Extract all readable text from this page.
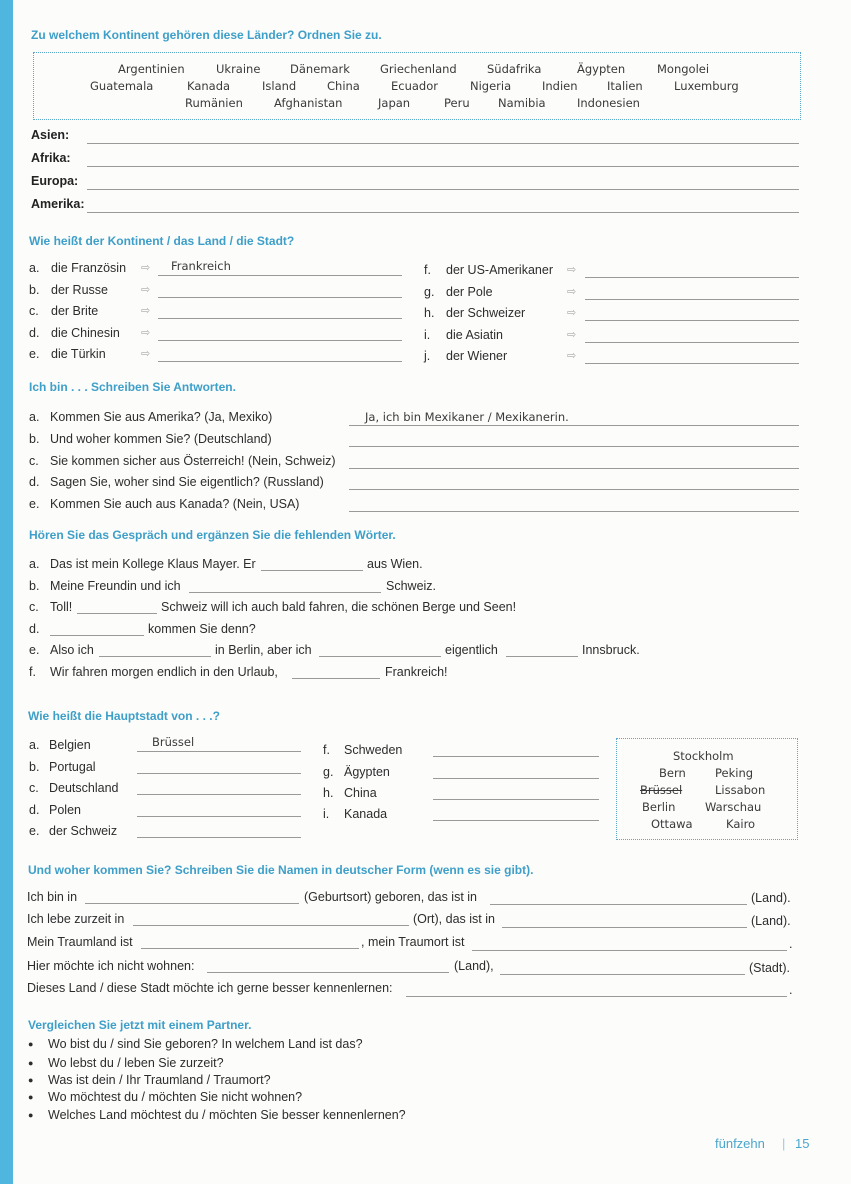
Zu welchem Kontinent gehören diese Länder? Ordnen Sie zu.
Argentinien	Ukraine	Dänemark	Griechenland	Südafrika	Ägypten	Mongolei
Guatemala	Kanada	Island	China	Ecuador	Nigeria	Indien	Italien	Luxemburg
Rumänien	Afghanistan	Japan	Peru Namibia	Indonesien
Asien:
Afrika:
Europa:
Amerika:
Wie heißt der Kontinent / das Land / die Stadt?
a. die Französin ⇨ Frankreich
b. der Russe	⇨
c. der Brite	⇨
d. die Chinesin ⇨
e. die Türkin	⇨
f. der US-Amerikaner ⇨
g. der Pole	⇨
h. der Schweizer	⇨
i. die Asiatin	⇨
j. der Wiener	⇨
Ich bin . . . Schreiben Sie Antworten.
a. Kommen Sie aus Amerika? (Ja, Mexiko)	Ja, ich bin Mexikaner / Mexikanerin.
b. Und woher kommen Sie? (Deutschland)
c. Sie kommen sicher aus Österreich! (Nein, Schweiz)
d. Sagen Sie, woher sind Sie eigentlich? (Russland)
e. Kommen Sie auch aus Kanada? (Nein, USA)
Hören Sie das Gespräch und ergänzen Sie die fehlenden Wörter.
a. Das ist mein Kollege Klaus Mayer. Er	aus Wien.
b. Meine Freundin und ich	Schweiz.
c. Toll!	Schweiz will ich auch bald fahren, die schönen Berge und Seen!
d.	kommen Sie denn?
e. Also ich	in Berlin, aber ich	eigentlich	Innsbruck.
f. Wir fahren morgen endlich in den Urlaub,	Frankreich!
Wie heißt die Hauptstadt von . . .?
a. Belgien	Brüssel
b. Portugal
c. Deutschland
d. Polen
e. der Schweiz
f. Schweden
g. Ägypten
h. China
i. Kanada
Stockholm
Bern	Peking
Brüssel	Lissabon
Berlin	Warschau
Ottawa	Kairo
Und woher kommen Sie? Schreiben Sie die Namen in deutscher Form (wenn es sie gibt).
Ich bin in	(Geburtsort) geboren, das ist in	(Land).
Ich lebe zurzeit in	(Ort), das ist in	(Land).
Mein Traumland ist	, mein Traumort ist	.
Hier möchte ich nicht wohnen:	(Land),	(Stadt).
Dieses Land / diese Stadt möchte ich gerne besser kennenlernen:	.
Vergleichen Sie jetzt mit einem Partner.
● Wo bist du / sind Sie geboren? In welchem Land ist das?
● Wo lebst du / leben Sie zurzeit?
● Was ist dein / Ihr Traumland / Traumort?
● Wo möchtest du / möchten Sie nicht wohnen?
● Welches Land möchtest du / möchten Sie besser kennenlernen?
fünfzehn | 15
